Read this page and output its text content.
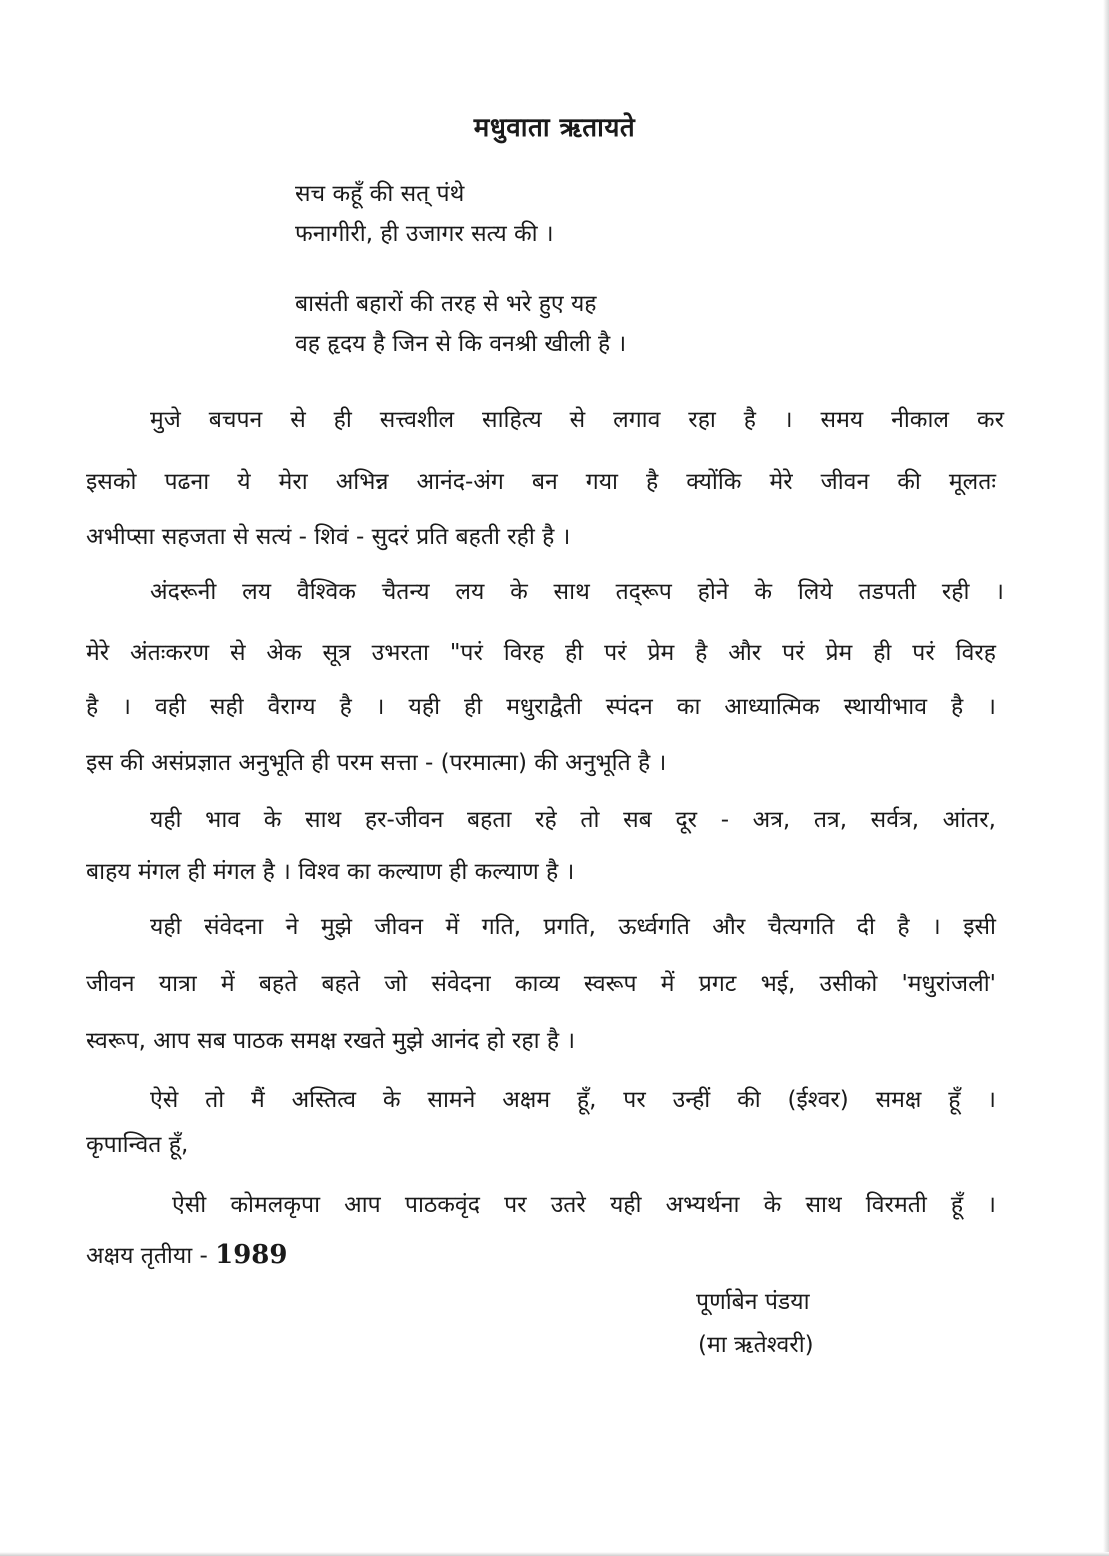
मधुवाता ऋतायते
सच कहूँ की सत् पंथे
फनागीरी, ही उजागर सत्य की ।
बासंती बहारों की तरह से भरे हुए यह
वह हृदय है जिन से कि वनश्री खीली है ।
मुजे बचपन से ही सत्त्वशील साहित्य से लगाव रहा है । समय नीकाल कर
इसको पढना ये मेरा अभिन्न आनंद-अंग बन गया है क्योंकि मेरे जीवन की मूलतः
अभीप्सा सहजता से सत्यं - शिवं - सुदरं प्रति बहती रही है ।
अंदरूनी लय वैश्विक चैतन्य लय के साथ तद्‌रूप होने के लिये तडपती रही ।
मेरे अंतःकरण से अेक सूत्र उभरता "परं विरह ही परं प्रेम है और परं प्रेम ही परं विरह
है । वही सही वैराग्य है । यही ही मधुराद्वैती स्पंदन का आध्यात्मिक स्थायीभाव है ।
इस की असंप्रज्ञात अनुभूति ही परम सत्ता - (परमात्मा) की अनुभूति है ।
यही भाव के साथ हर-जीवन बहता रहे तो सब दूर - अत्र, तत्र, सर्वत्र, आंतर,
बाहय मंगल ही मंगल है । विश्व का कल्याण ही कल्याण है ।
यही संवेदना ने मुझे जीवन में गति, प्रगति, ऊर्ध्वगति और चैत्यगति दी है । इसी
जीवन यात्रा में बहते बहते जो संवेदना काव्य स्वरूप में प्रगट भई, उसीको 'मधुरांजली'
स्वरूप, आप सब पाठक समक्ष रखते मुझे आनंद हो रहा है ।
ऐसे तो मैं अस्तित्व के सामने अक्षम हूँ, पर उन्हीं की (ईश्वर) समक्ष हूँ ।
कृपान्वित हूँ,
ऐसी कोमलकृपा आप पाठकवृंद पर उतरे यही अभ्यर्थना के साथ विरमती हूँ ।
अक्षय तृतीया - 1989
पूर्णाबेन पंडया
(मा ऋतेश्वरी)
